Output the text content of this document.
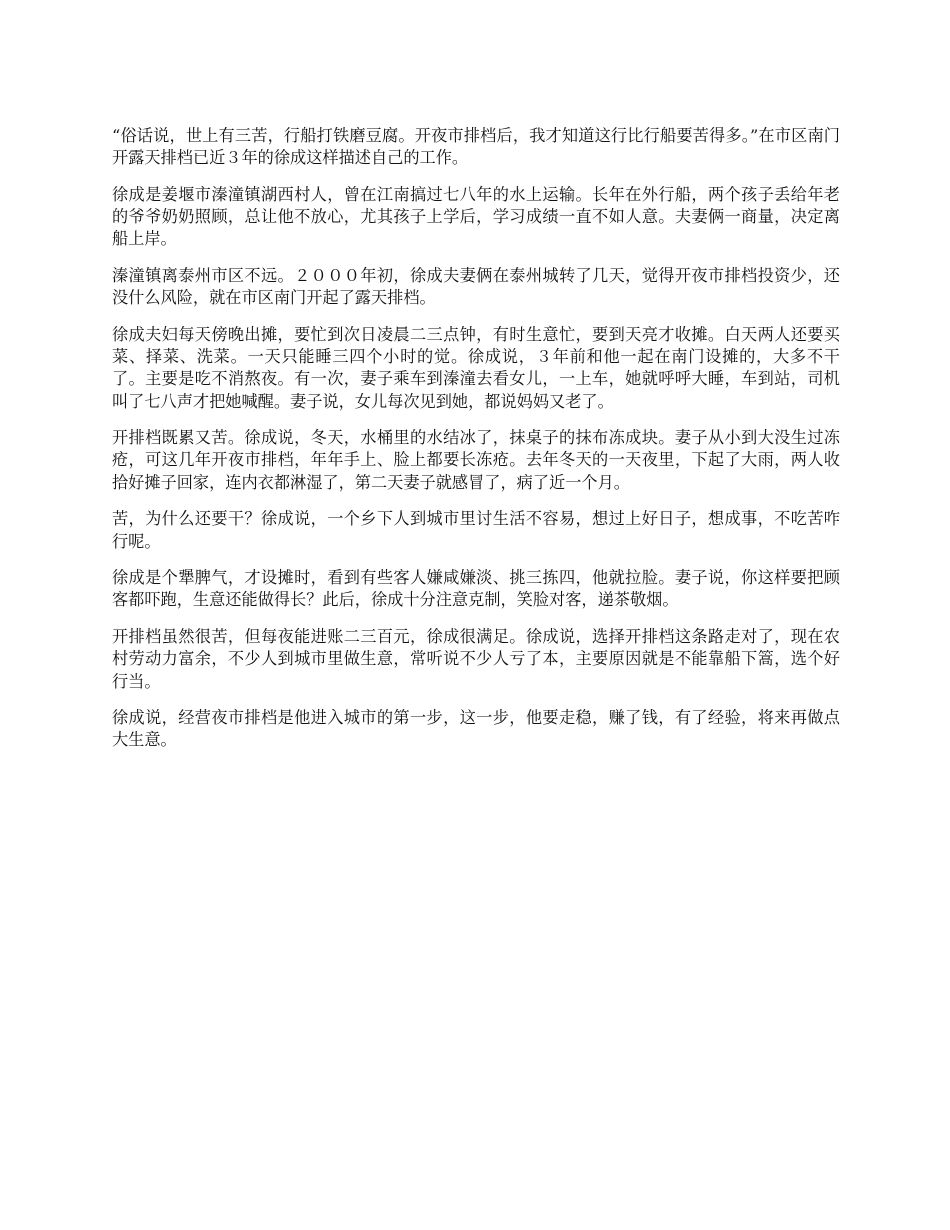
“俗话说，世上有三苦，行船打铁磨豆腐。开夜市排档后，我才知道这行比行船要苦得多。”在市区南门开露天排档已近３年的徐成这样描述自己的工作。

徐成是姜堰市溱潼镇湖西村人，曾在江南搞过七八年的水上运输。长年在外行船，两个孩子丢给年老的爷爷奶奶照顾，总让他不放心，尤其孩子上学后，学习成绩一直不如人意。夫妻俩一商量，决定离船上岸。

溱潼镇离泰州市区不远。２０００年初，徐成夫妻俩在泰州城转了几天，觉得开夜市排档投资少，还没什么风险，就在市区南门开起了露天排档。

徐成夫妇每天傍晚出摊，要忙到次日凌晨二三点钟，有时生意忙，要到天亮才收摊。白天两人还要买菜、择菜、洗菜。一天只能睡三四个小时的觉。徐成说，３年前和他一起在南门设摊的，大多不干了。主要是吃不消熬夜。有一次，妻子乘车到溱潼去看女儿，一上车，她就呼呼大睡，车到站，司机叫了七八声才把她喊醒。妻子说，女儿每次见到她，都说妈妈又老了。

开排档既累又苦。徐成说，冬天，水桶里的水结冰了，抹桌子的抹布冻成块。妻子从小到大没生过冻疮，可这几年开夜市排档，年年手上、脸上都要长冻疮。去年冬天的一天夜里，下起了大雨，两人收拾好摊子回家，连内衣都淋湿了，第二天妻子就感冒了，病了近一个月。

苦，为什么还要干？徐成说，一个乡下人到城市里讨生活不容易，想过上好日子，想成事，不吃苦咋行呢。

徐成是个犟脾气，才设摊时，看到有些客人嫌咸嫌淡、挑三拣四，他就拉脸。妻子说，你这样要把顾客都吓跑，生意还能做得长？此后，徐成十分注意克制，笑脸对客，递茶敬烟。

开排档虽然很苦，但每夜能进账二三百元，徐成很满足。徐成说，选择开排档这条路走对了，现在农村劳动力富余，不少人到城市里做生意，常听说不少人亏了本，主要原因就是不能靠船下篙，选个好行当。

徐成说，经营夜市排档是他进入城市的第一步，这一步，他要走稳，赚了钱，有了经验，将来再做点大生意。
